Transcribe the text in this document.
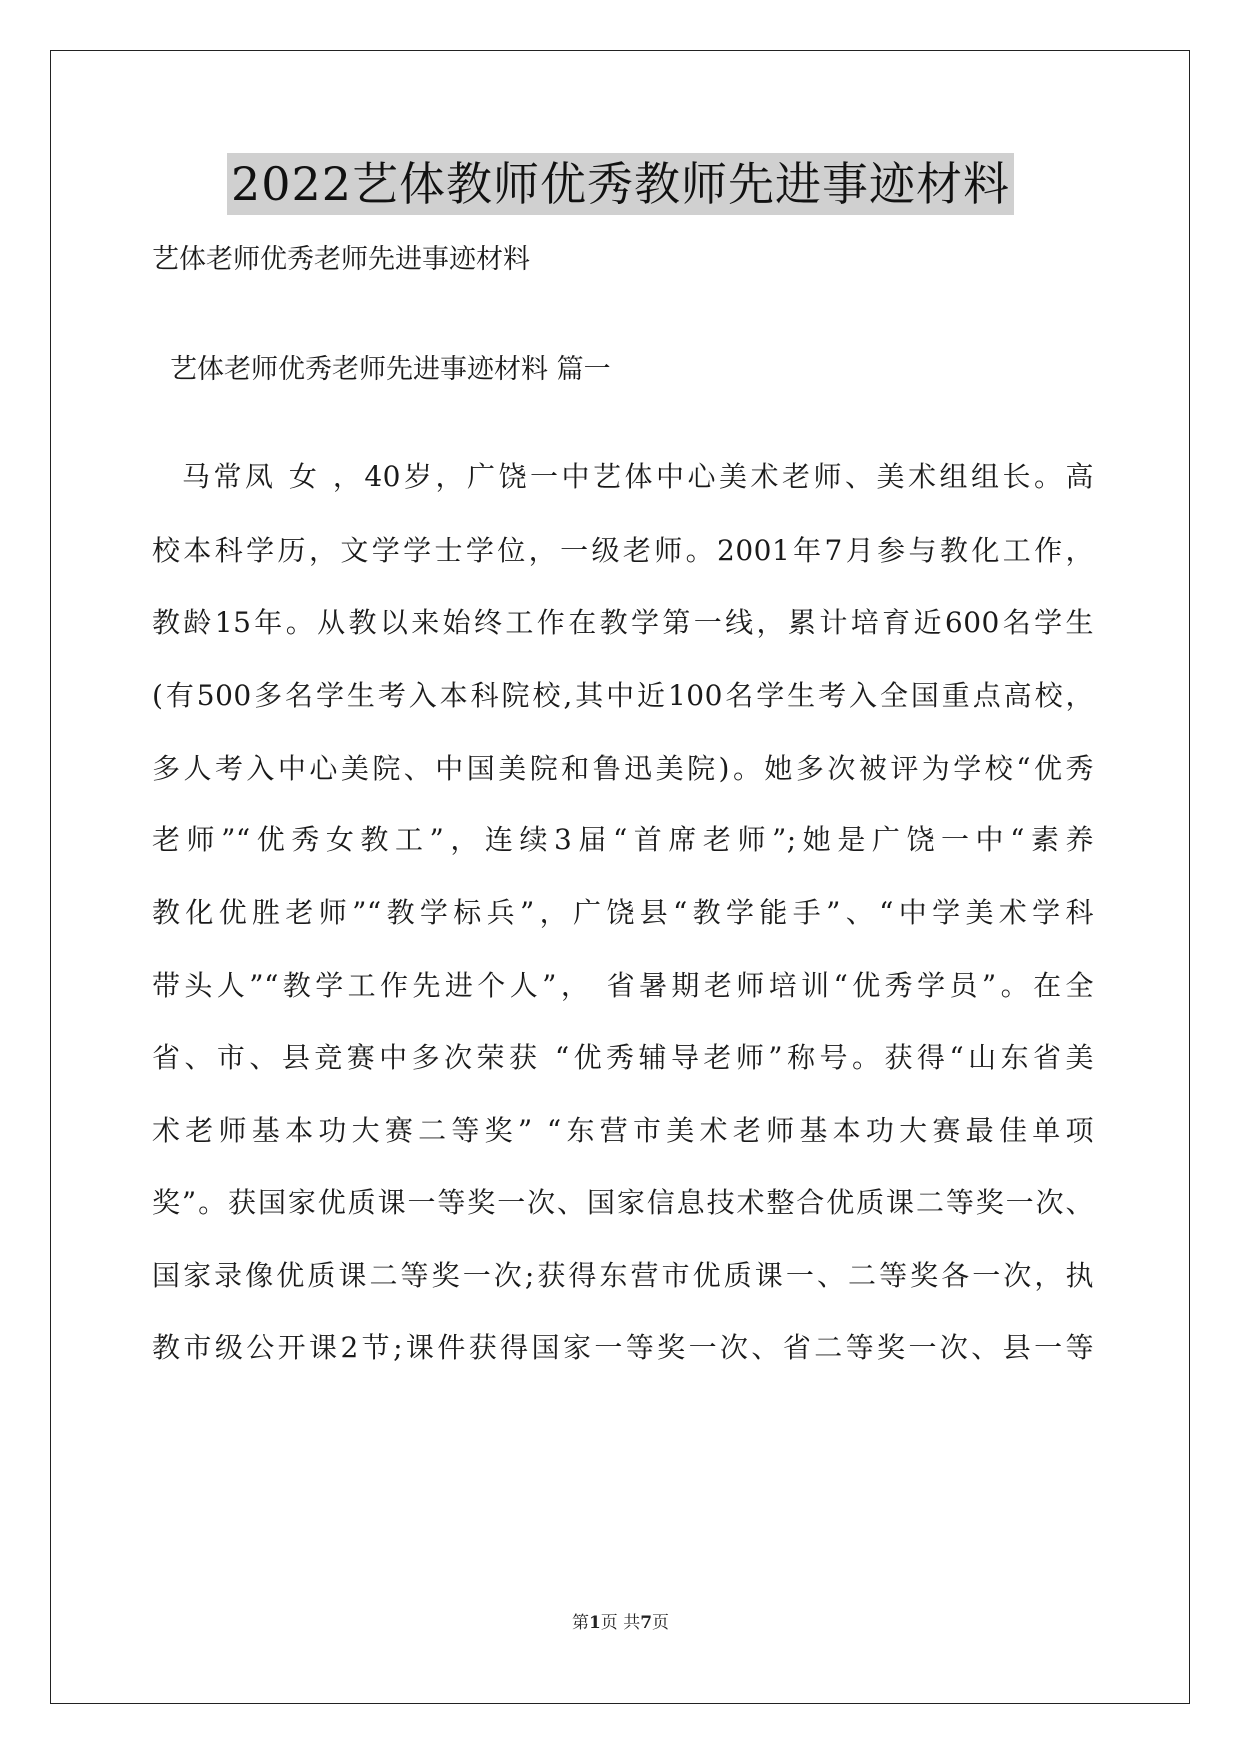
2022艺体教师优秀教师先进事迹材料
艺体老师优秀老师先进事迹材料
艺体老师优秀老师先进事迹材料 篇一
马常凤 女 ，40岁，广饶一中艺体中心美术老师、美术组组长。高
校本科学历，文学学士学位，一级老师。2001年7月参与教化工作，
教龄15年。从教以来始终工作在教学第一线，累计培育近600名学生
(有500多名学生考入本科院校,其中近100名学生考入全国重点高校，
多人考入中心美院、中国美院和鲁迅美院)。她多次被评为学校“优秀
老师”“优秀女教工”，连续3届“首席老师”;她是广饶一中“素养
教化优胜老师”“教学标兵”，广饶县“教学能手”、“中学美术学科
带头人”“教学工作先进个人”， 省暑期老师培训“优秀学员”。在全
省、市、县竞赛中多次荣获 “优秀辅导老师”称号。获得“山东省美
术老师基本功大赛二等奖” “东营市美术老师基本功大赛最佳单项
奖”。获国家优质课一等奖一次、国家信息技术整合优质课二等奖一次、
国家录像优质课二等奖一次;获得东营市优质课一、二等奖各一次，执
教市级公开课2节;课件获得国家一等奖一次、省二等奖一次、县一等
第1页 共7页
